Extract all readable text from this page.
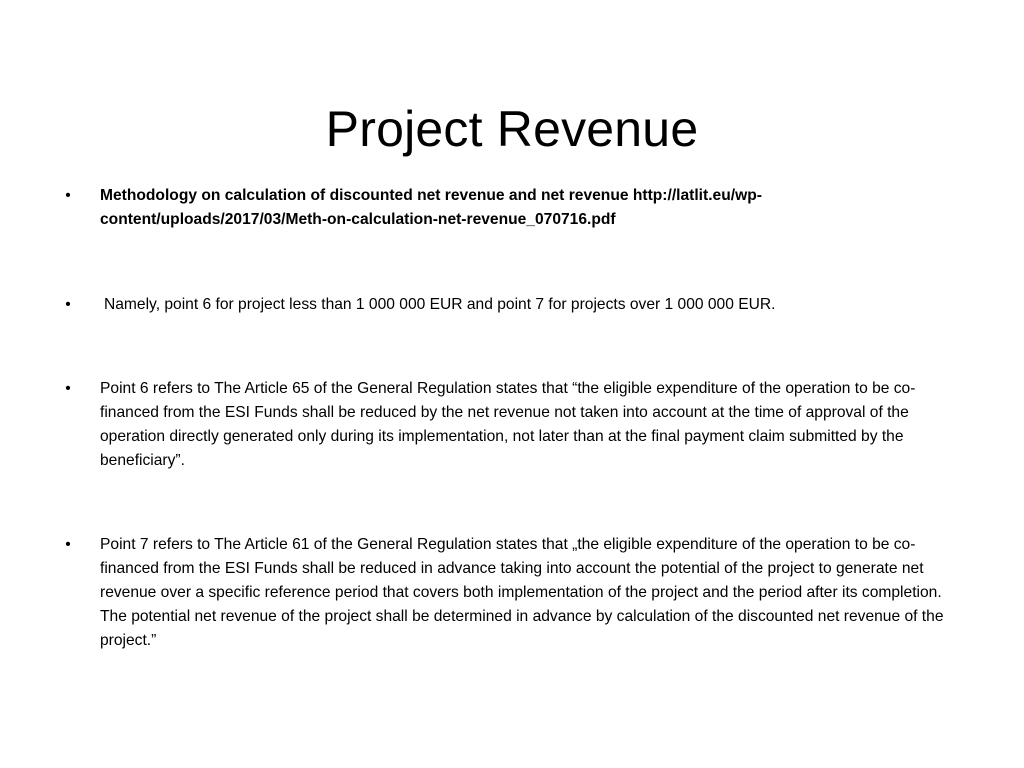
Project Revenue
•	Methodology on calculation of discounted net revenue and net revenue http://latlit.eu/wp-content/uploads/2017/03/Meth-on-calculation-net-revenue_070716.pdf
•	Namely, point 6 for project less than 1 000 000 EUR and point 7 for projects over 1 000 000 EUR.
•	Point 6 refers to The Article 65 of the General Regulation states that “the eligible expenditure of the operation to be co-financed from the ESI Funds shall be reduced by the net revenue not taken into account at the time of approval of the operation directly generated only during its implementation, not later than at the final payment claim submitted by the beneficiary”.
•	Point 7 refers to The Article 61 of the General Regulation states that „the eligible expenditure of the operation to be co-financed from the ESI Funds shall be reduced in advance taking into account the potential of the project to generate net revenue over a specific reference period that covers both implementation of the project and the period after its completion. The potential net revenue of the project shall be determined in advance by calculation of the discounted net revenue of the project.”
